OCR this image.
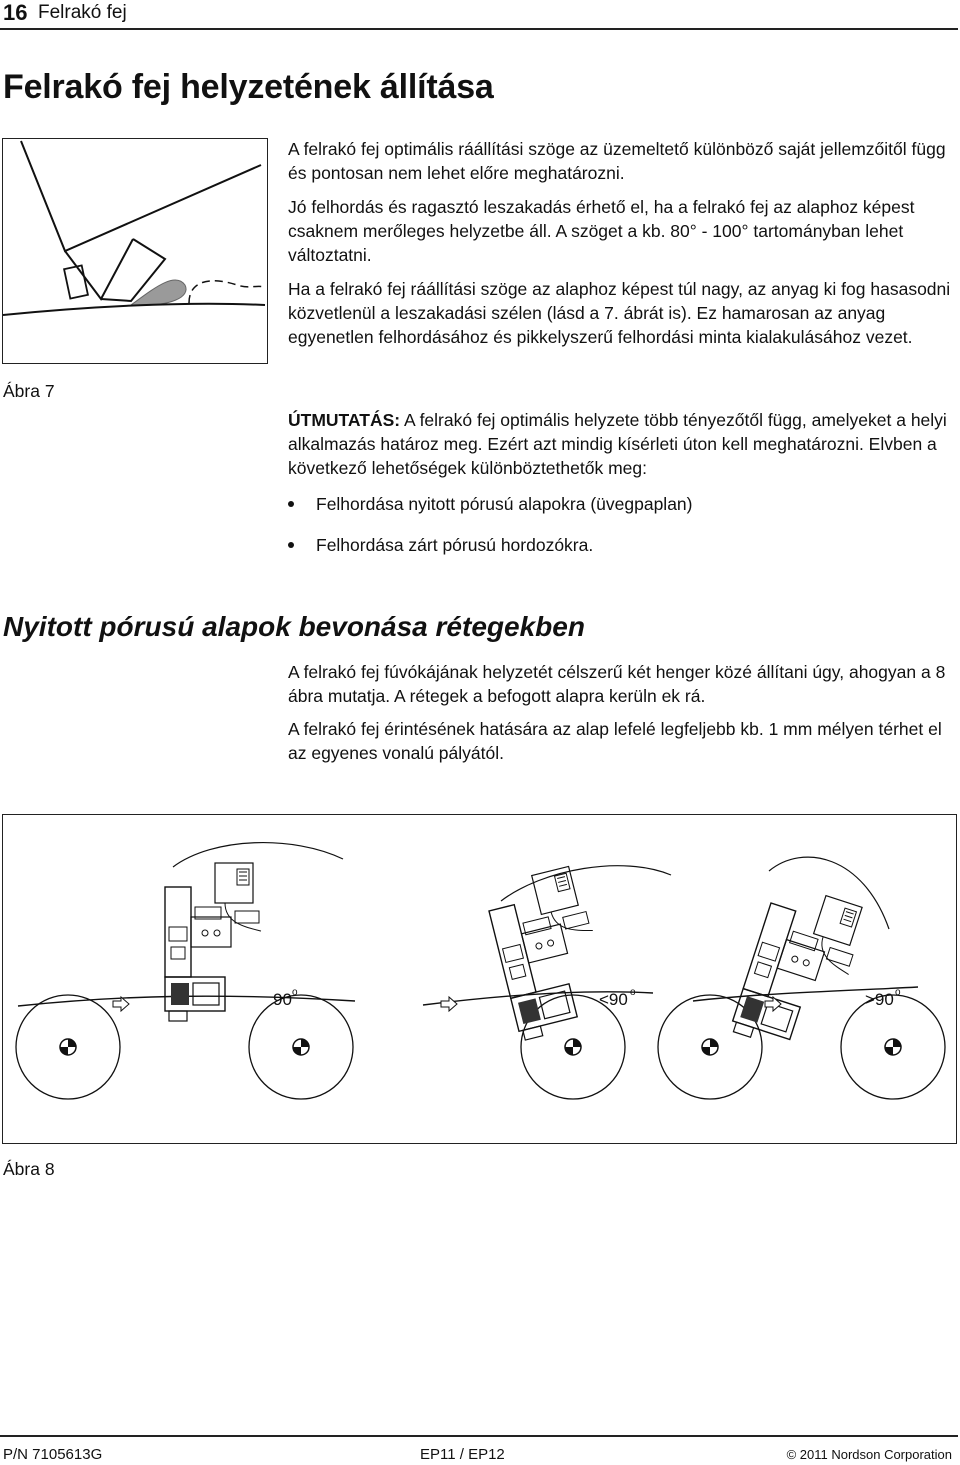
16 Felrakó fej
Felrakó fej helyzetének állítása
Ábra 7

A felrakó fej optimális ráállítási szöge az üzemeltető különböző saját jellemzőitől függ és pontosan nem lehet előre meghatározni.

Jó felhordás és ragasztó leszakadás érhető el, ha a felrakó fej az alaphoz képest csaknem merőleges helyzetbe áll. A szöget a kb. 80° - 100° tartományban lehet változtatni.

Ha a felrakó fej ráállítási szöge az alaphoz képest túl nagy, az anyag ki fog hasasodni közvetlenül a leszakadási szélen (lásd a 7. ábrát is). Ez hamarosan az anyag egyenetlen felhordásához és pikkelyszerű felhordási minta kialakulásához vezet.

ÚTMUTATÁS: A felrakó fej optimális helyzete több tényezőtől függ, amelyeket a helyi alkalmazás határoz meg. Ezért azt mindig kísérleti úton kell meghatározni. Elvben a következő lehetőségek különböztethetők meg:

Felhordása nyitott pórusú alapokra (üvegpaplan)
Felhordása zárt pórusú hordozókra.
Nyitott pórusú alapok bevonása rétegekben

A felrakó fej fúvókájának helyzetét célszerű két henger közé állítani úgy, ahogyan a 8 ábra mutatja. A rétegek a befogott alapra kerüln ek rá.

A felrakó fej érintésének hatására az alap lefelé legfeljebb kb. 1 mm mélyen térhet el az egyenes vonalú pályától.

90 o	<90 o	>90 o
Ábra 8
P/N 7105613G	EP11 / EP12	© 2011 Nordson Corporation
